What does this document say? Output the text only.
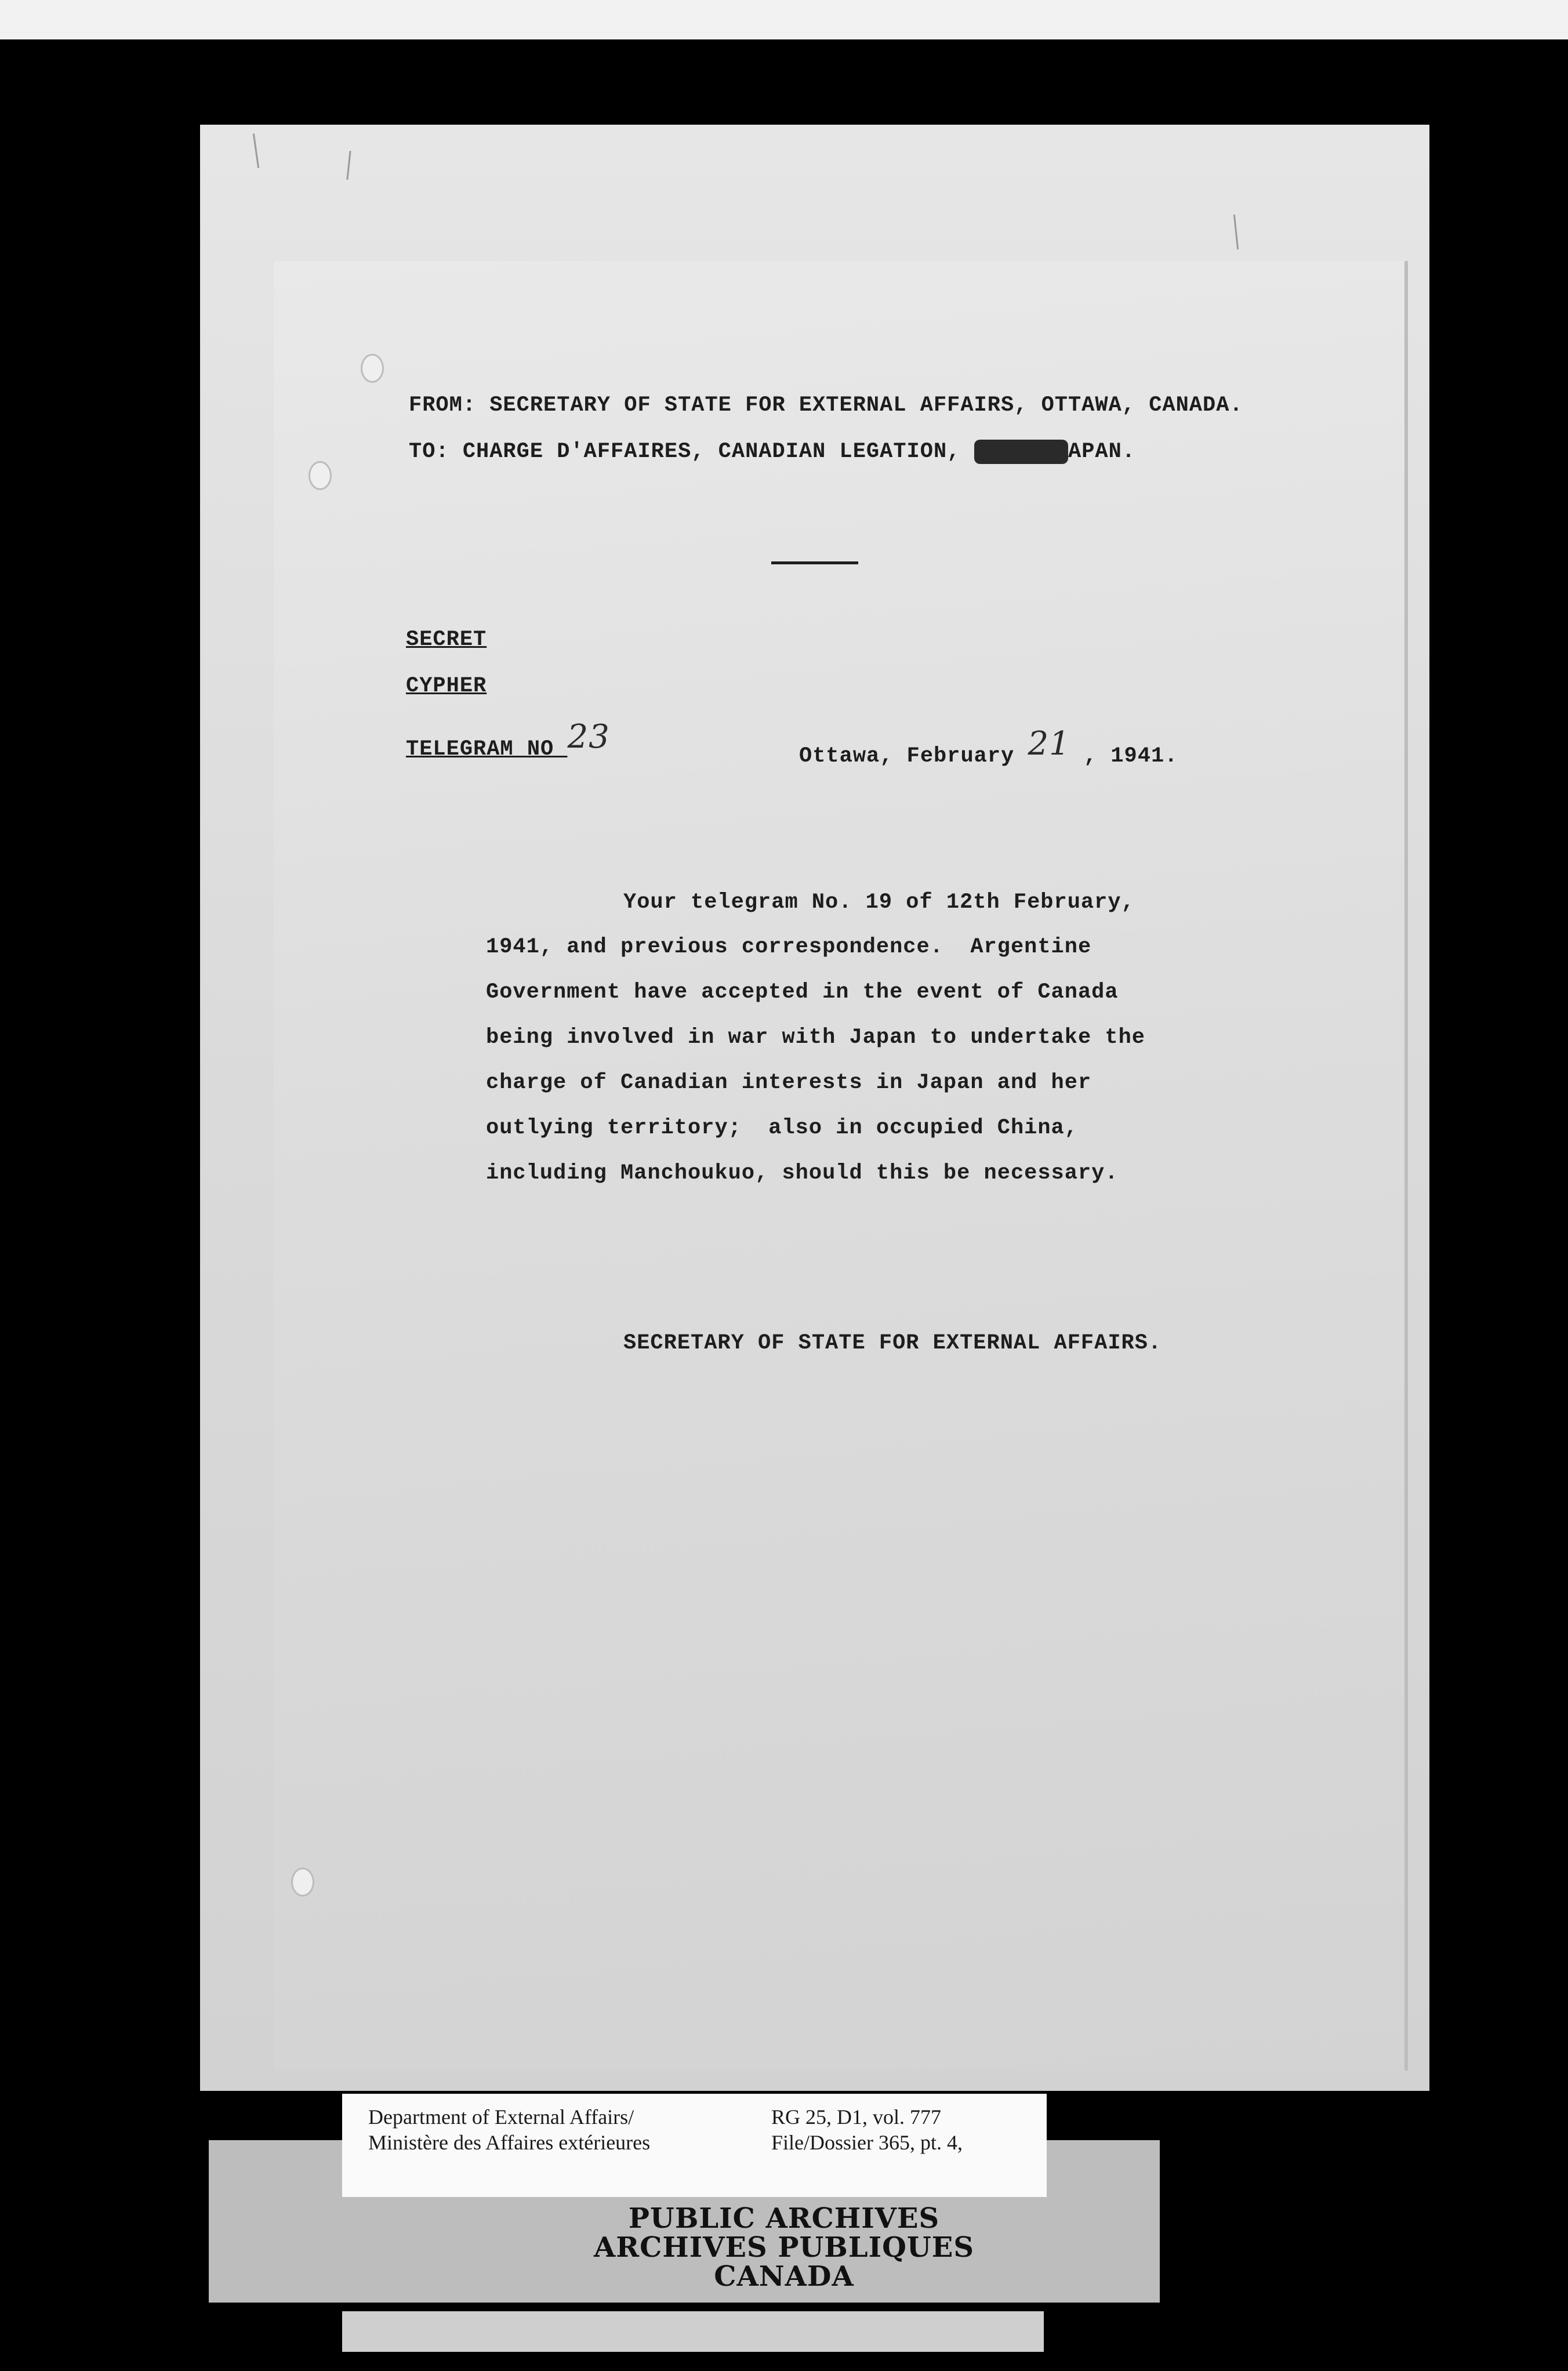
FROM: SECRETARY OF STATE FOR EXTERNAL AFFAIRS, OTTAWA, CANADA.
TO: CHARGE D'AFFAIRES, CANADIAN LEGATION, TOKYO,JAPAN.
SECRET
CYPHER
TELEGRAM NO 23
Ottawa, February 21 , 1941.
Your telegram No. 19 of 12th February,
1941, and previous correspondence.  Argentine
Government have accepted in the event of Canada
being involved in war with Japan to undertake the
charge of Canadian interests in Japan and her
outlying territory;  also in occupied China,
including Manchoukuo, should this be necessary.
SECRETARY OF STATE FOR EXTERNAL AFFAIRS.
Department of External Affairs/
Ministère des Affaires extérieures
RG 25, D1, vol. 777
File/Dossier 365, pt. 4,
PUBLIC ARCHIVES
ARCHIVES PUBLIQUES
CANADA
